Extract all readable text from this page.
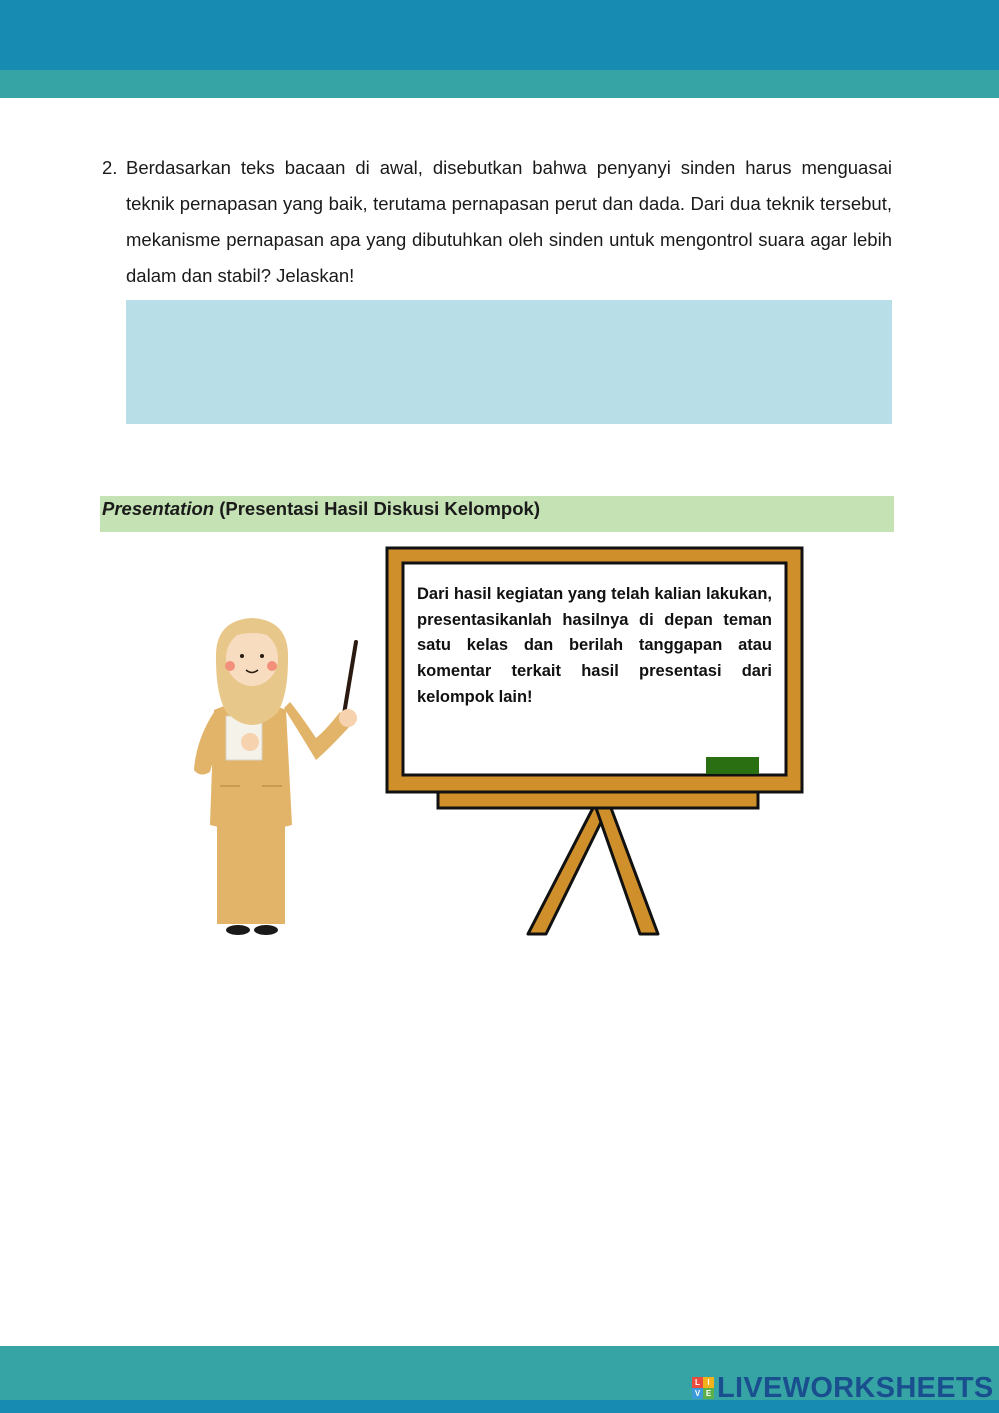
2. Berdasarkan teks bacaan di awal, disebutkan bahwa penyanyi sinden harus menguasai teknik pernapasan yang baik, terutama pernapasan perut dan dada. Dari dua teknik tersebut, mekanisme pernapasan apa yang dibutuhkan oleh sinden untuk mengontrol suara agar lebih dalam dan stabil? Jelaskan!
Presentation (Presentasi Hasil Diskusi Kelompok)
Dari hasil kegiatan yang telah kalian lakukan, presentasikanlah hasilnya di depan teman satu kelas dan berilah tanggapan atau komentar terkait hasil presentasi dari kelompok lain!
L I
V E LIVEWORKSHEETS
